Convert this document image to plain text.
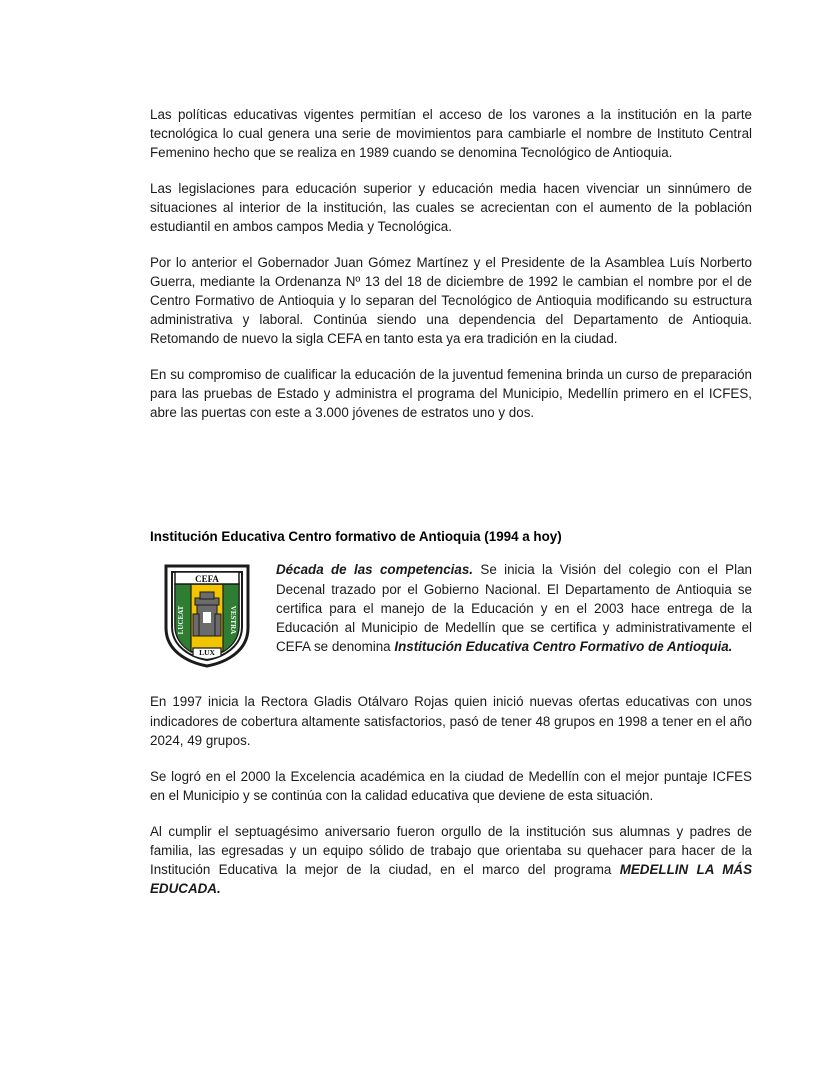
Las políticas educativas vigentes permitían el acceso de los varones a la institución en la parte tecnológica lo cual genera una serie de movimientos para cambiarle el nombre de Instituto Central Femenino hecho que se realiza en 1989 cuando se denomina Tecnológico de Antioquia.

Las legislaciones para educación superior y educación media hacen vivenciar un sinnúmero de situaciones al interior de la institución, las cuales se acrecientan con el aumento de la población estudiantil en ambos campos Media y Tecnológica.

Por lo anterior el Gobernador Juan Gómez Martínez y el Presidente de la Asamblea Luís Norberto Guerra, mediante la Ordenanza Nº 13 del 18 de diciembre de 1992 le cambian el nombre por el de Centro Formativo de Antioquia y lo separan del Tecnológico de Antioquia modificando su estructura administrativa y laboral. Continúa siendo una dependencia del Departamento de Antioquia. Retomando de nuevo la sigla CEFA en tanto esta ya era tradición en la ciudad.

En su compromiso de cualificar la educación de la juventud femenina brinda un curso de preparación para las pruebas de Estado y administra el programa del Municipio, Medellín primero en el ICFES, abre las puertas con este a 3.000 jóvenes de estratos uno y dos.

Institución Educativa Centro formativo de Antioquia (1994 a hoy)
CEFA
LUX
LUCEAT	VESTRA
Década de las competencias. Se inicia la Visión del colegio con el Plan Decenal trazado por el Gobierno Nacional. El Departamento de Antioquia se certifica para el manejo de la Educación y en el 2003 hace entrega de la Educación al Municipio de Medellín que se certifica y administrativamente el CEFA se denomina Institución Educativa Centro Formativo de Antioquia.

En 1997 inicia la Rectora Gladis Otálvaro Rojas quien inició nuevas ofertas educativas con unos indicadores de cobertura altamente satisfactorios, pasó de tener 48 grupos en 1998 a tener en el año 2024, 49 grupos.

Se logró en el 2000 la Excelencia académica en la ciudad de Medellín con el mejor puntaje ICFES en el Municipio y se continúa con la calidad educativa que deviene de esta situación.

Al cumplir el septuagésimo aniversario fueron orgullo de la institución sus alumnas y padres de familia, las egresadas y un equipo sólido de trabajo que orientaba su quehacer para hacer de la Institución Educativa la mejor de la ciudad, en el marco del programa MEDELLIN LA MÁS EDUCADA.
